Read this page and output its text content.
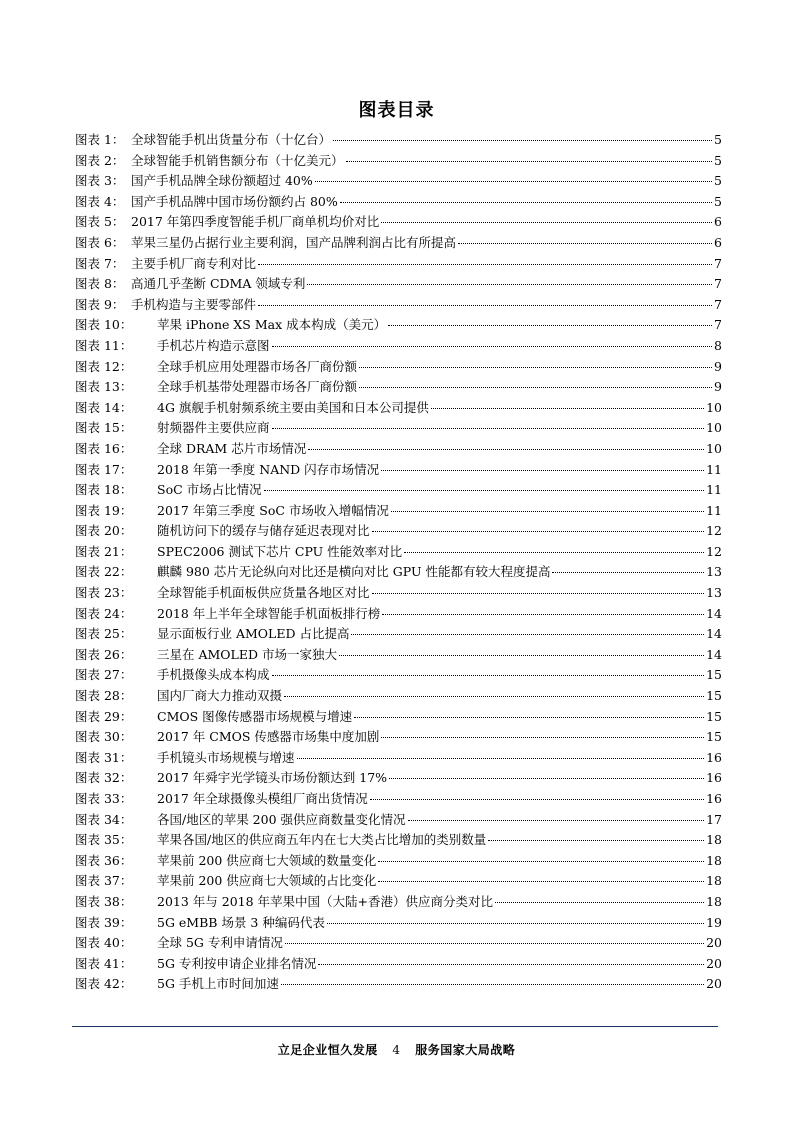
图表目录
图表 1： 全球智能手机出货量分布（十亿台）	5
图表 2： 全球智能手机销售额分布（十亿美元）	5
图表 3： 国产手机品牌全球份额超过 40%	5
图表 4： 国产手机品牌中国市场份额约占 80%	5
图表 5： 2017 年第四季度智能手机厂商单机均价对比	6
图表 6： 苹果三星仍占据行业主要利润，国产品牌利润占比有所提高	6
图表 7： 主要手机厂商专利对比	7
图表 8： 高通几乎垄断 CDMA 领域专利	7
图表 9： 手机构造与主要零部件	7
图表 10：	苹果 iPhone XS Max 成本构成（美元）	7
图表 11：	手机芯片构造示意图	8
图表 12：	全球手机应用处理器市场各厂商份额	9
图表 13：	全球手机基带处理器市场各厂商份额	9
图表 14：	4G 旗舰手机射频系统主要由美国和日本公司提供	10
图表 15：	射频器件主要供应商	10
图表 16：	全球 DRAM 芯片市场情况	10
图表 17：	2018 年第一季度 NAND 闪存市场情况	11
图表 18：	SoC 市场占比情况	11
图表 19：	2017 年第三季度 SoC 市场收入增幅情况	11
图表 20：	随机访问下的缓存与储存延迟表现对比	12
图表 21：	SPEC2006 测试下芯片 CPU 性能效率对比	12
图表 22：	麒麟 980 芯片无论纵向对比还是横向对比 GPU 性能都有较大程度提高	13
图表 23：	全球智能手机面板供应货量各地区对比	13
图表 24：	2018 年上半年全球智能手机面板排行榜	14
图表 25：	显示面板行业 AMOLED 占比提高	14
图表 26：	三星在 AMOLED 市场一家独大	14
图表 27：	手机摄像头成本构成	15
图表 28：	国内厂商大力推动双摄	15
图表 29：	CMOS 图像传感器市场规模与增速	15
图表 30：	2017 年 CMOS 传感器市场集中度加剧	15
图表 31：	手机镜头市场规模与增速	16
图表 32：	2017 年舜宇光学镜头市场份额达到 17%	16
图表 33：	2017 年全球摄像头模组厂商出货情况	16
图表 34：	各国/地区的苹果 200 强供应商数量变化情况	17
图表 35：	苹果各国/地区的供应商五年内在七大类占比增加的类别数量	18
图表 36：	苹果前 200 供应商七大领域的数量变化	18
图表 37：	苹果前 200 供应商七大领域的占比变化	18
图表 38：	2013 年与 2018 年苹果中国（大陆+香港）供应商分类对比	18
图表 39：	5G eMBB 场景 3 种编码代表	19
图表 40：	全球 5G 专利申请情况	20
图表 41：	5G 专利按申请企业排名情况	20
图表 42：	5G 手机上市时间加速	20
立足企业恒久发展 4 服务国家大局战略
